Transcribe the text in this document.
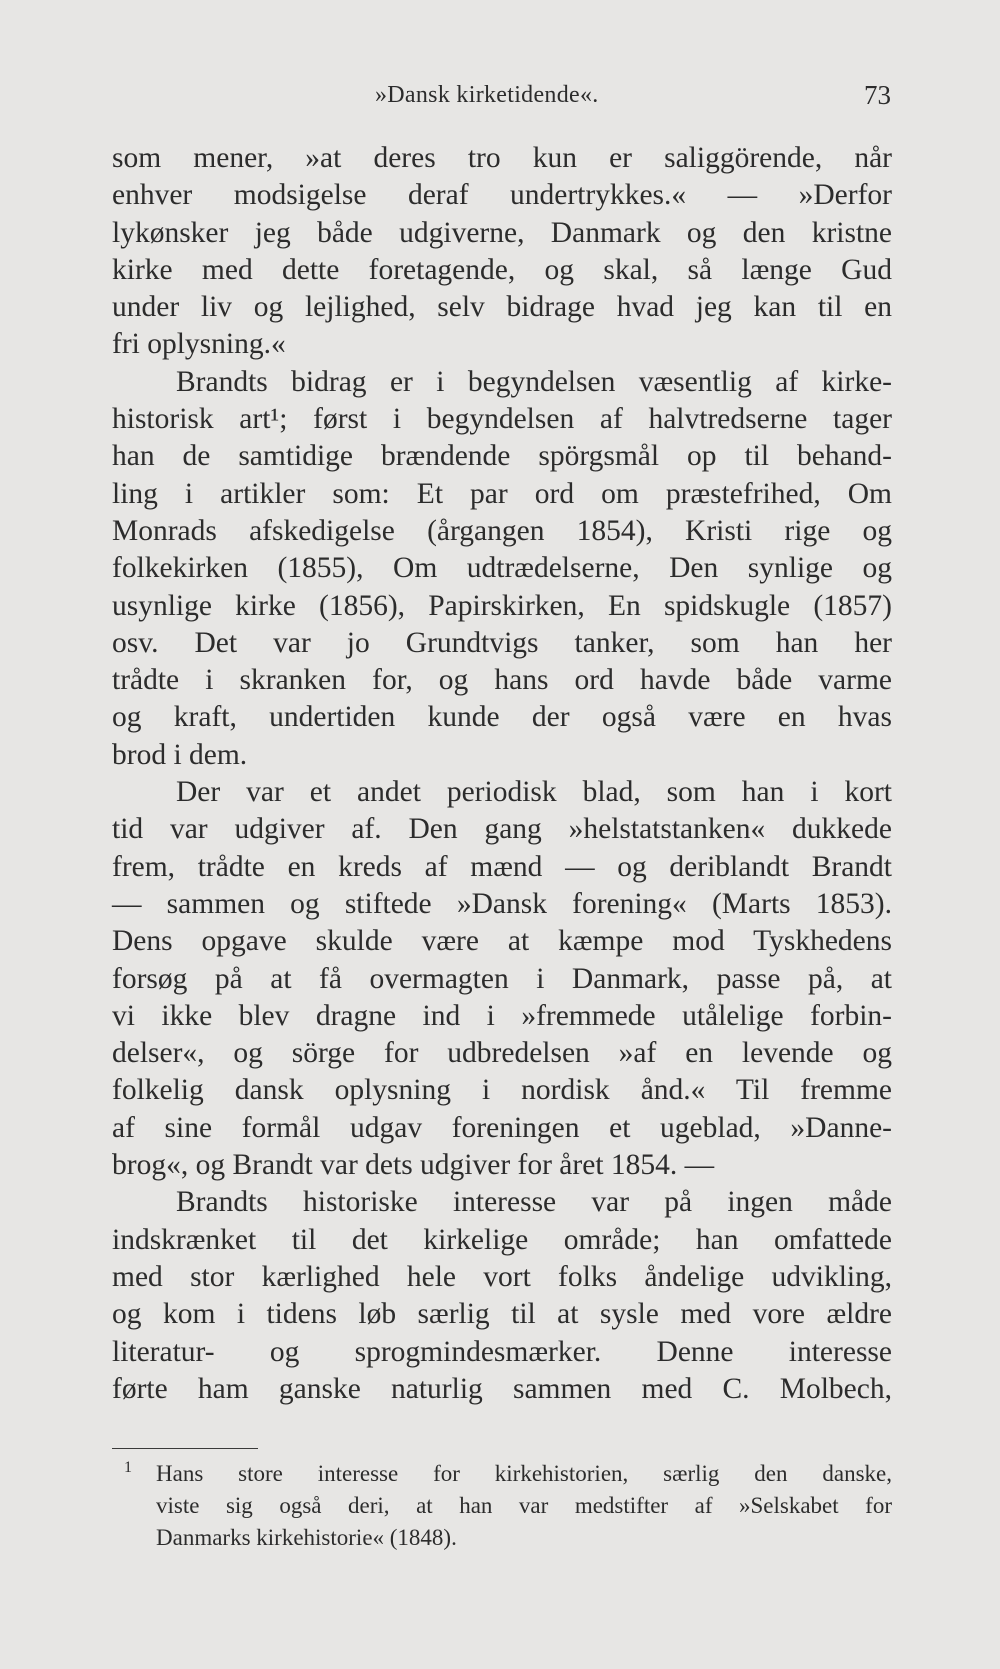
»Dansk kirketidende«.	73
som mener, »at deres tro kun er saliggörende, når
enhver modsigelse deraf undertrykkes.« — »Derfor
lykønsker jeg både udgiverne, Danmark og den kristne
kirke med dette foretagende, og skal, så længe Gud
under liv og lejlighed, selv bidrage hvad jeg kan til en
fri oplysning.«
Brandts bidrag er i begyndelsen væsentlig af kirke-
historisk art¹; først i begyndelsen af halvtredserne tager
han de samtidige brændende spörgsmål op til behand-
ling i artikler som: Et par ord om præstefrihed, Om
Monrads afskedigelse (årgangen 1854), Kristi rige og
folkekirken (1855), Om udtrædelserne, Den synlige og
usynlige kirke (1856), Papirskirken, En spidskugle (1857)
osv. Det var jo Grundtvigs tanker, som han her
trådte i skranken for, og hans ord havde både varme
og kraft, undertiden kunde der også være en hvas
brod i dem.
Der var et andet periodisk blad, som han i kort
tid var udgiver af. Den gang »helstatstanken« dukkede
frem, trådte en kreds af mænd — og deriblandt Brandt
— sammen og stiftede »Dansk forening« (Marts 1853).
Dens opgave skulde være at kæmpe mod Tyskhedens
forsøg på at få overmagten i Danmark, passe på, at
vi ikke blev dragne ind i »fremmede utålelige forbin-
delser«, og sörge for udbredelsen »af en levende og
folkelig dansk oplysning i nordisk ånd.« Til fremme
af sine formål udgav foreningen et ugeblad, »Danne-
brog«, og Brandt var dets udgiver for året 1854. —
Brandts historiske interesse var på ingen måde
indskrænket til det kirkelige område; han omfattede
med stor kærlighed hele vort folks åndelige udvikling,
og kom i tidens løb særlig til at sysle med vore ældre
literatur- og sprogmindesmærker. Denne interesse
førte ham ganske naturlig sammen med C. Molbech,
1 Hans store interesse for kirkehistorien, særlig den danske,
viste sig også deri, at han var medstifter af »Selskabet for
Danmarks kirkehistorie« (1848).
